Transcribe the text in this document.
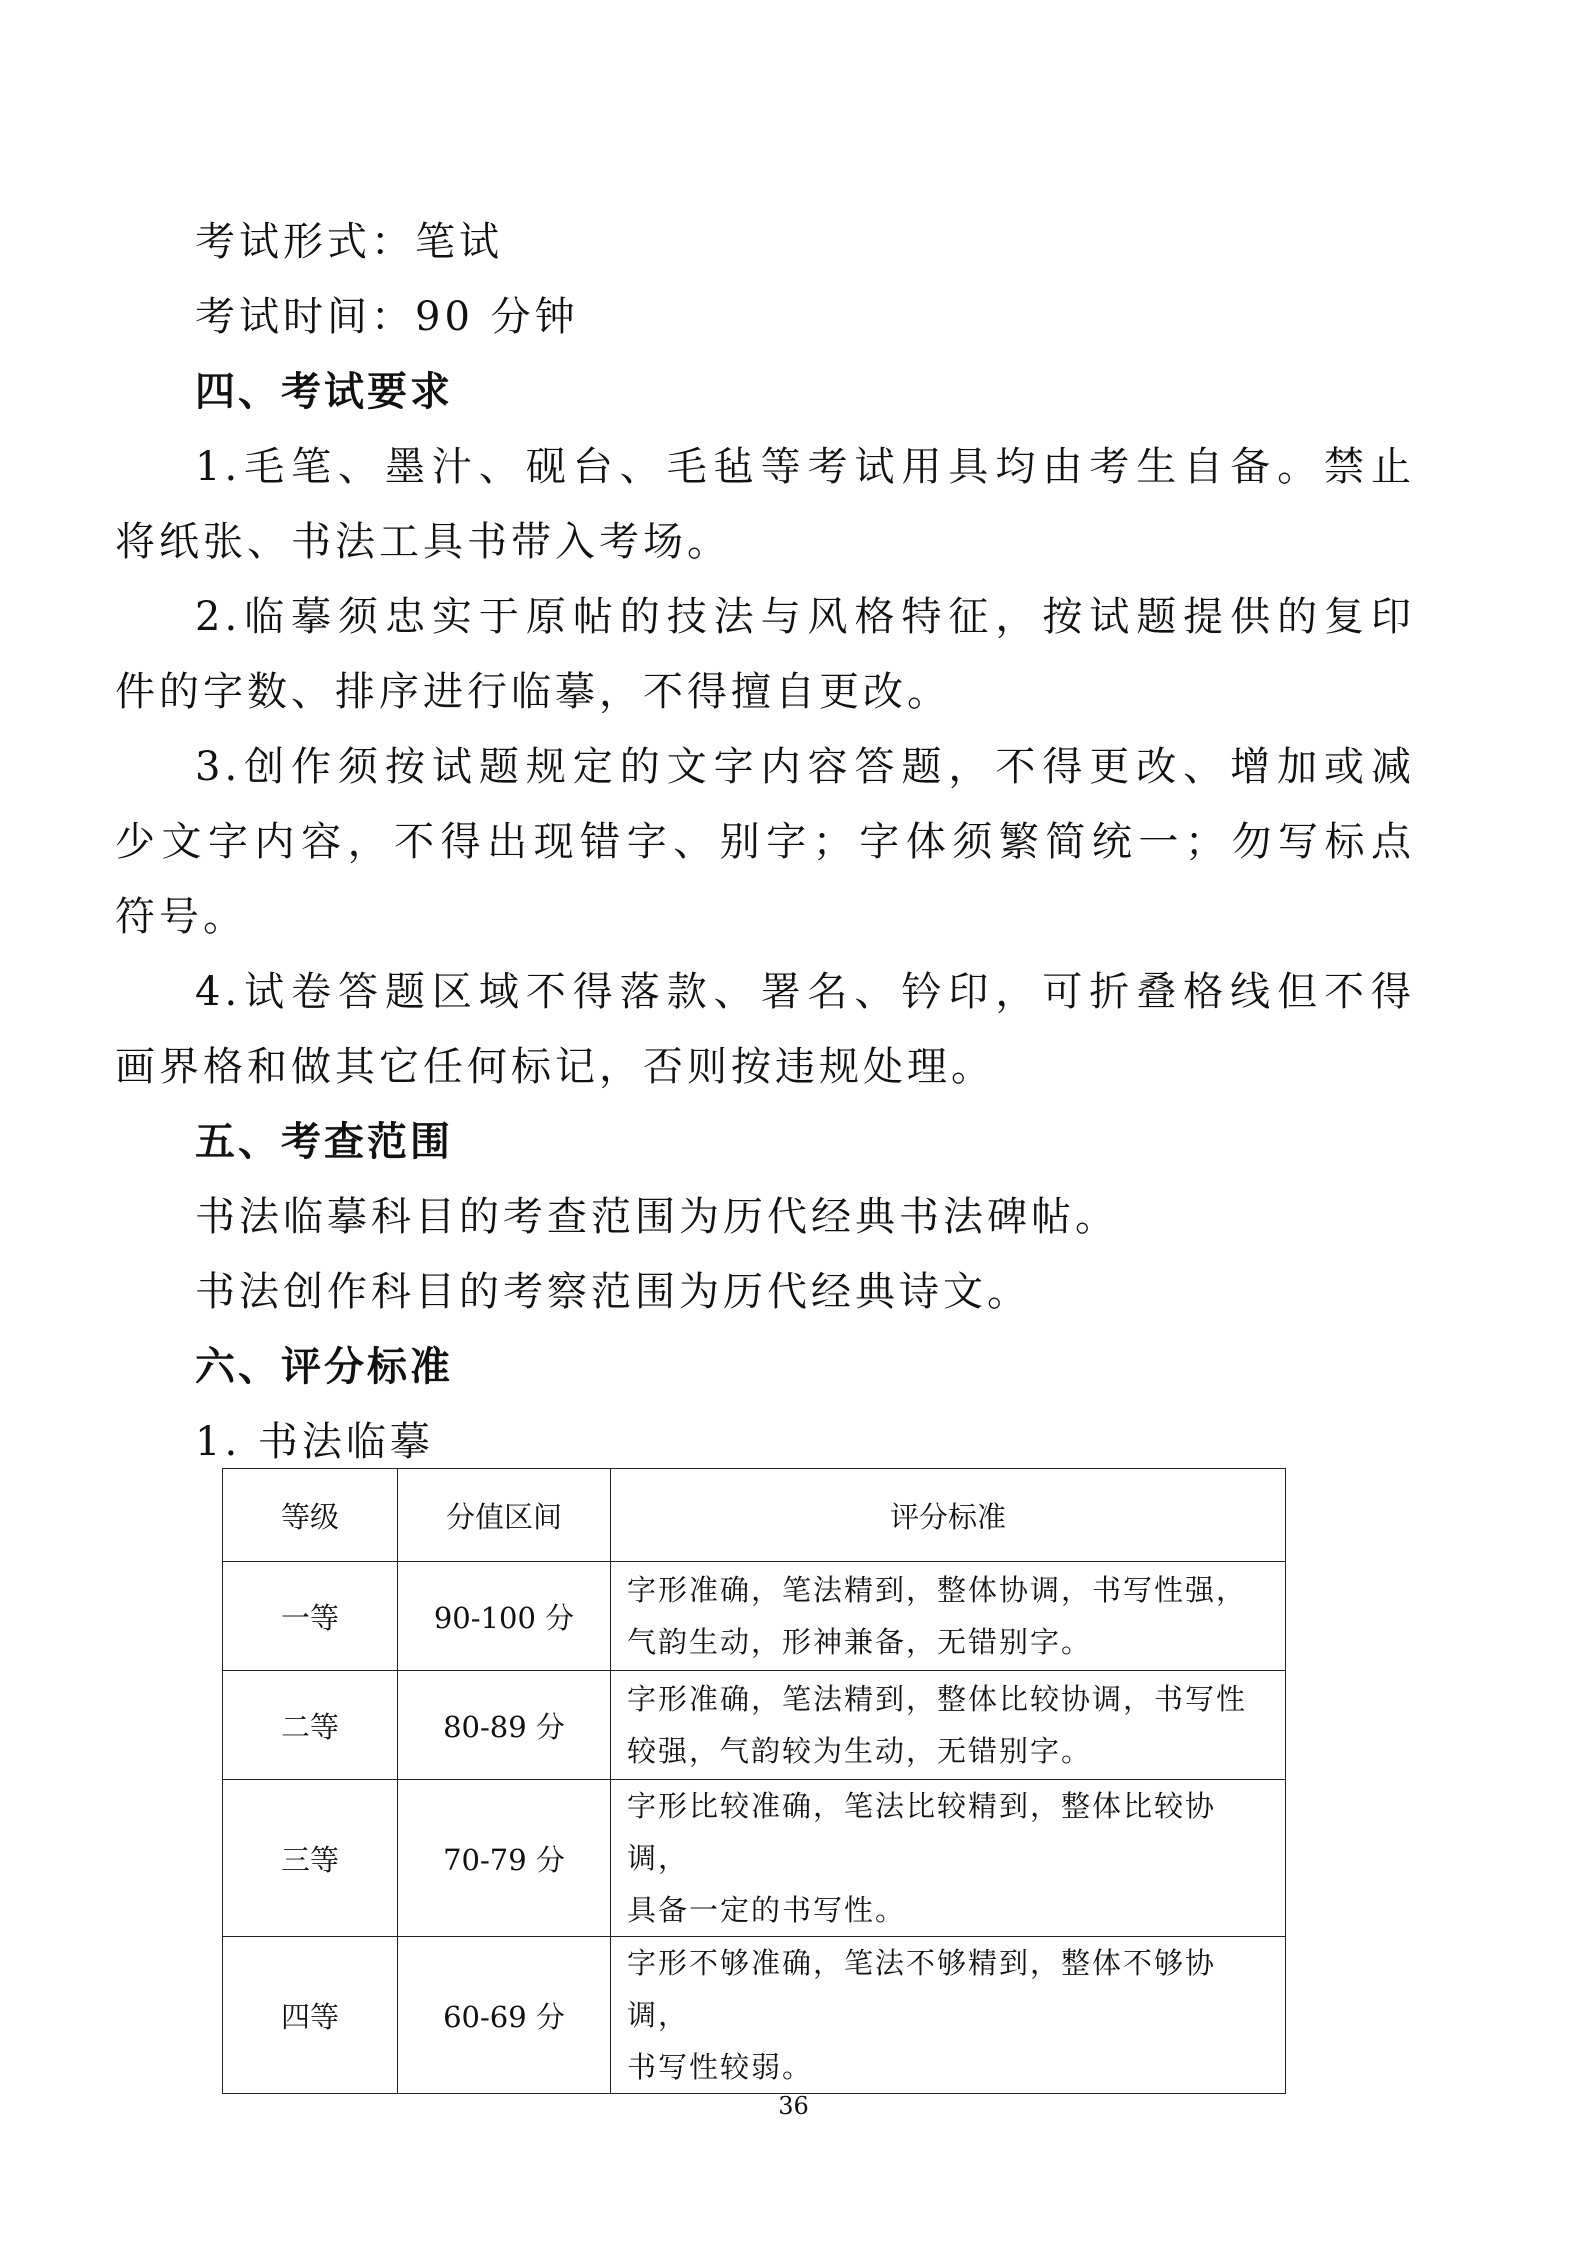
考试形式：笔试
考试时间：90 分钟
四、考试要求
1.毛笔、墨汁、砚台、毛毡等考试用具均由考生自备。禁止
将纸张、书法工具书带入考场。
2.临摹须忠实于原帖的技法与风格特征，按试题提供的复印
件的字数、排序进行临摹，不得擅自更改。
3.创作须按试题规定的文字内容答题，不得更改、增加或减
少文字内容，不得出现错字、别字；字体须繁简统一；勿写标点
符号。
4.试卷答题区域不得落款、署名、钤印，可折叠格线但不得
画界格和做其它任何标记，否则按违规处理。
五、考查范围
书法临摹科目的考查范围为历代经典书法碑帖。
书法创作科目的考察范围为历代经典诗文。
六、评分标准
1. 书法临摹
等级	分值区间	评分标准
一等	90-100 分	字形准确，笔法精到，整体协调，书写性强，
气韵生动，形神兼备，无错别字。

二等	80-89 分	字形准确，笔法精到，整体比较协调，书写性
较强，气韵较为生动，无错别字。

三等	70-79 分	字形比较准确，笔法比较精到，整体比较协调，
具备一定的书写性。

四等	60-69 分	字形不够准确，笔法不够精到，整体不够协调，
书写性较弱。
36
